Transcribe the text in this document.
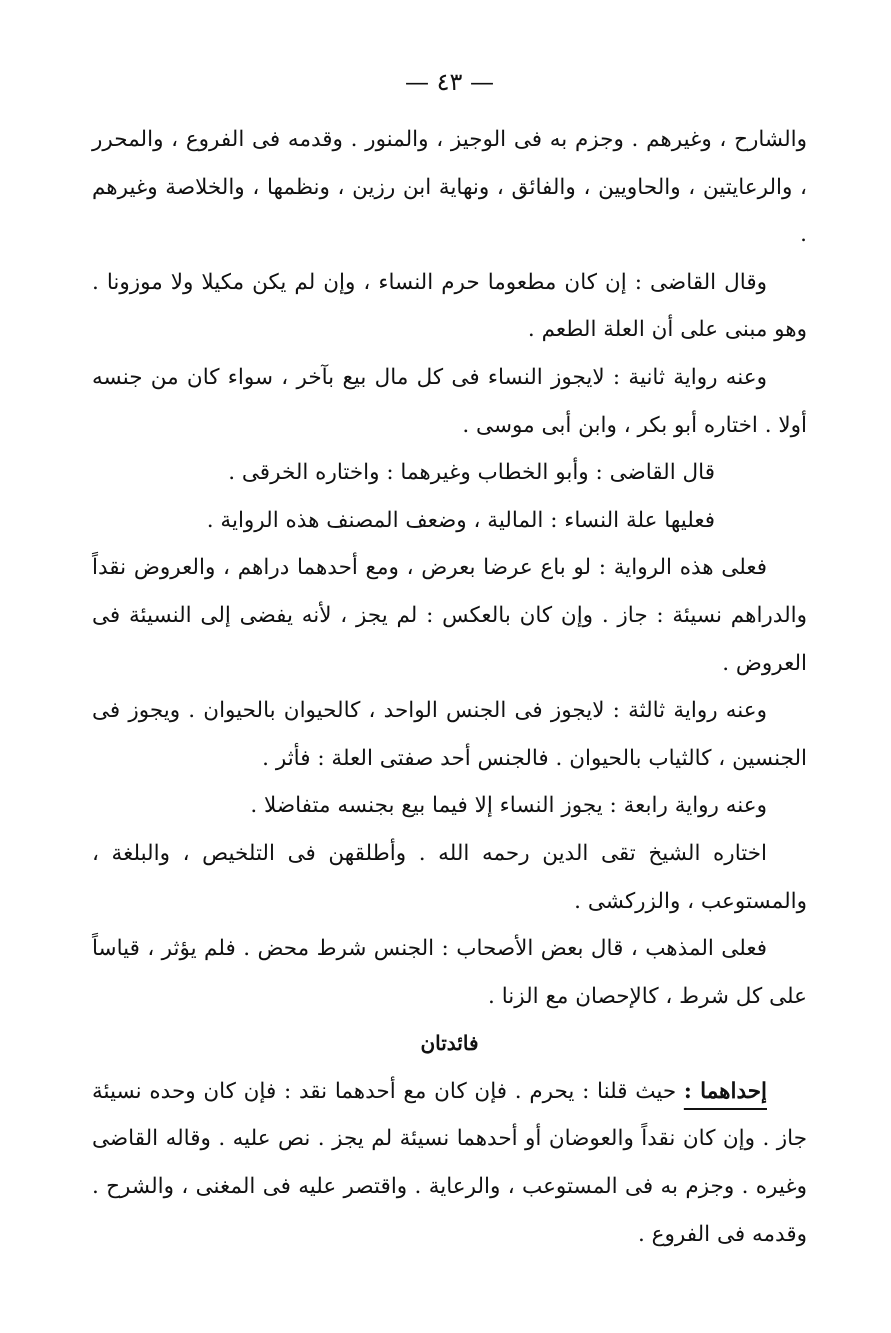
— ٤٣ —

والشارح ، وغيرهم . وجزم به فى الوجيز ، والمنور . وقدمه فى الفروع ، والمحرر ، والرعايتين ، والحاويين ، والفائق ، ونهاية ابن رزين ، ونظمها ، والخلاصة وغيرهم .

وقال القاضى : إن كان مطعوما حرم النساء ، وإن لم يكن مكيلا ولا موزونا . وهو مبنى على أن العلة الطعم .

وعنه رواية ثانية : لايجوز النساء فى كل مال بيع بآخر ، سواء كان من جنسه أولا . اختاره أبو بكر ، وابن أبى موسى .

قال القاضى : وأبو الخطاب وغيرهما : واختاره الخرقى .

فعليها علة النساء : المالية ، وضعف المصنف هذه الرواية .

فعلى هذه الرواية : لو باع عرضا بعرض ، ومع أحدهما دراهم ، والعروض نقداً والدراهم نسيئة : جاز . وإن كان بالعكس : لم يجز ، لأنه يفضى إلى النسيئة فى العروض .

وعنه رواية ثالثة : لايجوز فى الجنس الواحد ، كالحيوان بالحيوان . ويجوز فى الجنسين ، كالثياب بالحيوان . فالجنس أحد صفتى العلة : فأثر .

وعنه رواية رابعة : يجوز النساء إلا فيما بيع بجنسه متفاضلا .

اختاره الشيخ تقى الدين رحمه الله . وأطلقهن فى التلخيص ، والبلغة ، والمستوعب ، والزركشى .

فعلى المذهب ، قال بعض الأصحاب : الجنس شرط محض . فلم يؤثر ، قياساً على كل شرط ، كالإحصان مع الزنا .

فائدتان

إحداهما : حيث قلنا : يحرم . فإن كان مع أحدهما نقد : فإن كان وحده نسيئة جاز . وإن كان نقداً والعوضان أو أحدهما نسيئة لم يجز . نص عليه . وقاله القاضى وغيره . وجزم به فى المستوعب ، والرعاية . واقتصر عليه فى المغنى ، والشرح . وقدمه فى الفروع .
